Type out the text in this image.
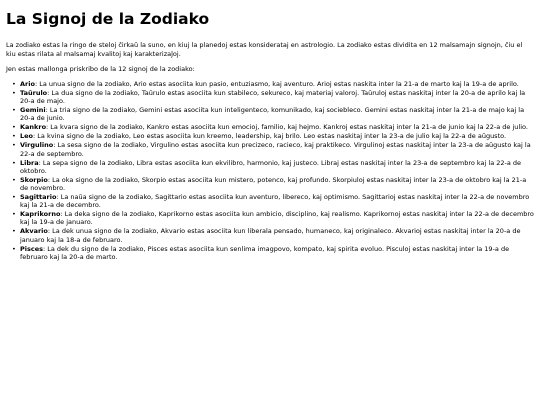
La Signoj de la Zodiako

La zodiako estas la ringo de steloj ĉirkaŭ la suno, en kiuj la planedoj estas konsiderataj en astrologio. La zodiako estas dividita en 12 malsamajn signojn, ĉiu el kiu estas rilata al malsamaj kvalitoj kaj karakterizaĵoj.

Jen estas mallonga priskribo de la 12 signoj de la zodiako:

• Ario: La unua signo de la zodiako, Ario estas asociita kun pasio, entuziasmo, kaj aventuro. Arioj estas naskita inter la 21-a de marto kaj la 19-a de aprilo.
• Taŭrulo: La dua signo de la zodiako, Taŭrulo estas asociita kun stabileco, sekureco, kaj materiaj valoroj. Taŭruloj estas naskitaj inter la 20-a de aprilo kaj la 20-a de majo.
• Gemini: La tria signo de la zodiako, Gemini estas asociita kun inteligenteco, komunikado, kaj sociebleco. Gemini estas naskitaj inter la 21-a de majo kaj la 20-a de junio.
• Kankro: La kvara signo de la zodiako, Kankro estas asociita kun emocioj, familio, kaj hejmo. Kankroj estas naskitaj inter la 21-a de junio kaj la 22-a de julio.
• Leo: La kvina signo de la zodiako, Leo estas asociita kun kreemo, leadership, kaj brilo. Leo estas naskitaj inter la 23-a de julio kaj la 22-a de aŭgusto.
• Virgulino: La sesa signo de la zodiako, Virgulino estas asociita kun precizeco, racieco, kaj praktikeco. Virgulinoj estas naskitaj inter la 23-a de aŭgusto kaj la 22-a de septembro.
• Libra: La sepa signo de la zodiako, Libra estas asociita kun ekvilibro, harmonio, kaj justeco. Libraj estas naskitaj inter la 23-a de septembro kaj la 22-a de oktobro.
• Skorpio: La oka signo de la zodiako, Skorpio estas asociita kun mistero, potenco, kaj profundo. Skorpiuloj estas naskitaj inter la 23-a de oktobro kaj la 21-a de novembro.
• Sagittario: La naŭa signo de la zodiako, Sagittario estas asociita kun aventuro, libereco, kaj optimismo. Sagittarioj estas naskitaj inter la 22-a de novembro kaj la 21-a de decembro.
• Kaprikorno: La deka signo de la zodiako, Kaprikorno estas asociita kun ambicio, disciplino, kaj realismo. Kaprikornoj estas naskitaj inter la 22-a de decembro kaj la 19-a de januaro.
• Akvario: La dek unua signo de la zodiako, Akvario estas asociita kun liberala pensado, humaneco, kaj originaleco. Akvarioj estas naskitaj inter la 20-a de januaro kaj la 18-a de februaro.
• Pisces: La dek du signo de la zodiako, Pisces estas asociita kun senlima imagpovo, kompato, kaj spirita evoluo. Pisculoj estas naskitaj inter la 19-a de februaro kaj la 20-a de marto.
